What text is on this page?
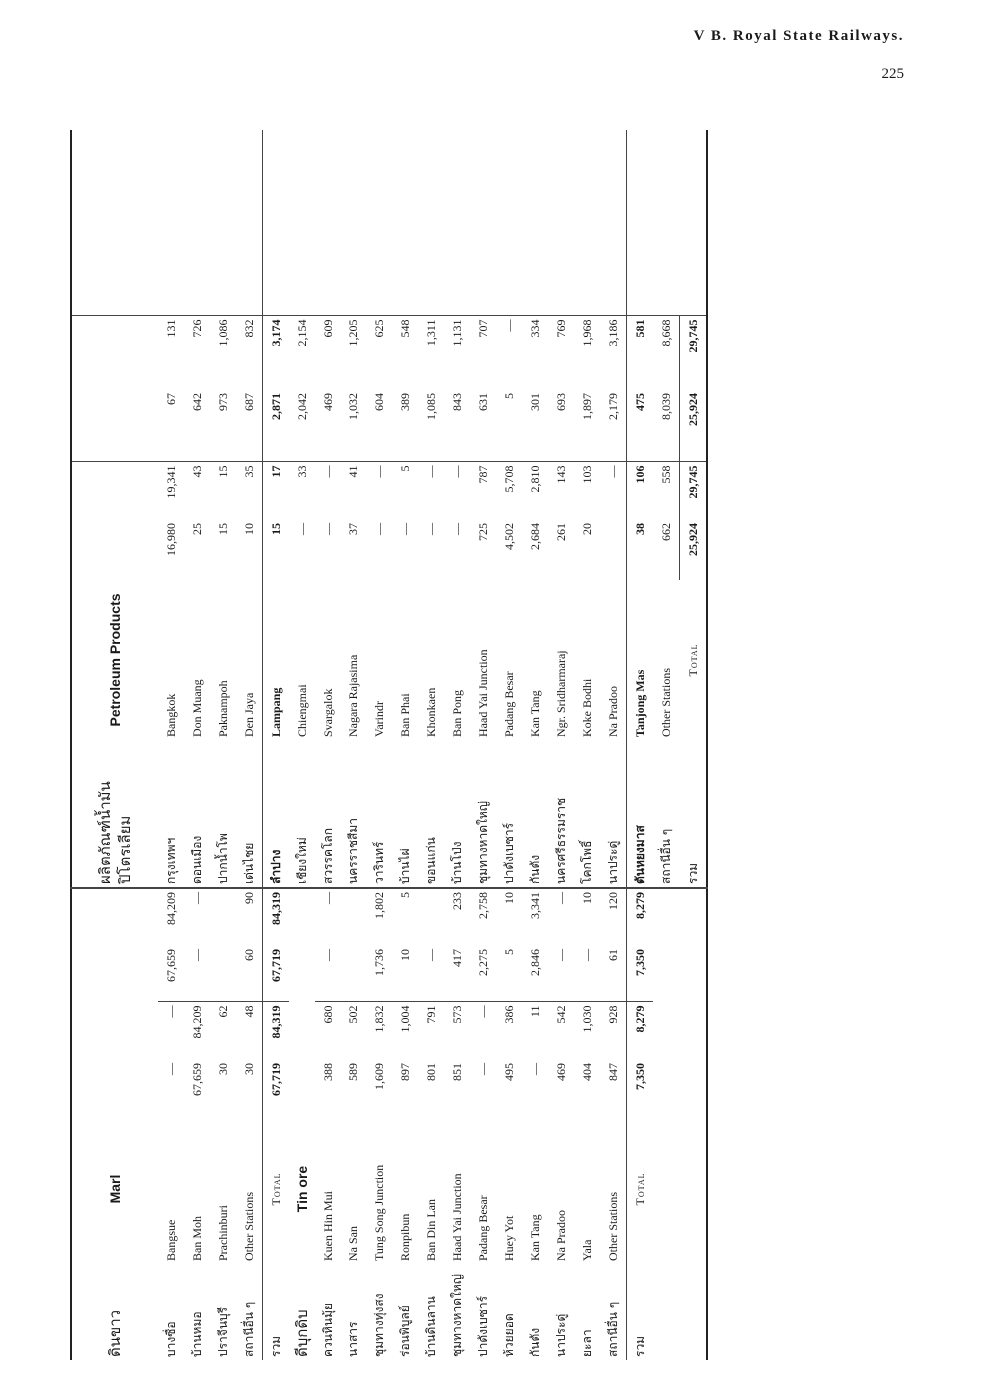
V B. Royal State Railways.
225
ดินขาว	Marl					ผลิตภัณฑ์น้ำมันปิโตรเลียม	Petroleum Products					
บางซื่อ	Bangsue	—	—	67,659	84,209	กรุงเทพฯ	Bangkok	16,980	19,341	67	131	
บ้านหมอ	Ban Moh	67,659	84,209	—	—	ดอนเมือง	Don Muang	25	43	642	726	
ปราจีนบุรี	Prachinburi	30	62			ปากน้ำโพ	Paknampoh	15	15	973	1,086	
สถานีอื่น ๆ	Other Stations	30	48	60	90	เด่นไชย	Den Jaya	10	35	687	832	
รวม	Total	67,719	84,319	67,719	84,319	ลำปาง	Lampang	15	17	2,871	3,174	
ดีบุกดิบ	Tin ore					เชียงใหม่	Chiengmai	—	33	2,042	2,154	
ควนหินมุ้ย	Kuen Hin Mui	388	680	—	—	สวรรคโลก	Svargalok	—	—	469	609	
นาสาร	Na San	589	502			นครราชสีมา	Nagara Rajasima	37	41	1,032	1,205	
ชุมทางทุ่งสง	Tung Song Junction	1,609	1,832	1,736	1,802	วารินทร์	Varindr	—	—	604	625	
ร่อนพิบูลย์	Ronpibun	897	1,004	10	5	บ้านไผ่	Ban Phai	—	5	389	548	
บ้านดินลาน	Ban Din Lan	801	791	—		ขอนแก่น	Khonkaen	—	—	1,085	1,311	
ชุมทางหาดใหญ่	Haad Yai Junction	851	573	417	233	บ้านโป่ง	Ban Pong	—	—	843	1,131	
ปาดังเบซาร์	Padang Besar	—	—	2,275	2,758	ชุมทางหาดใหญ่	Haad Yai Junction	725	787	631	707	
ห้วยยอด	Huey Yot	495	386	5	10	ปาดังเบซาร์	Padang Besar	4,502	5,708	5	—	
กันตัง	Kan Tang	—	11	2,846	3,341	กันตัง	Kan Tang	2,684	2,810	301	334	
นาประดู่	Na Pradoo	469	542	—	—	นครศรีธรรมราช	Ngr. Sridharmaraj	261	143	693	769	
ยะลา	Yala	404	1,030	—	10	โคกโพธิ์	Koke Bodhi	20	103	1,897	1,968	
สถานีอื่น ๆ	Other Stations	847	928	61	120	นาประดู่	Na Pradoo		—	2,179	3,186	
รวม	Total	7,350	8,279	7,350	8,279	ตันหยงมาส	Tanjong Mas	38	106	475	581	
						สถานีอื่น ๆ	Other Stations	662	558	8,039	8,668	
						รวม	Total	25,924	29,745	25,924	29,745	
